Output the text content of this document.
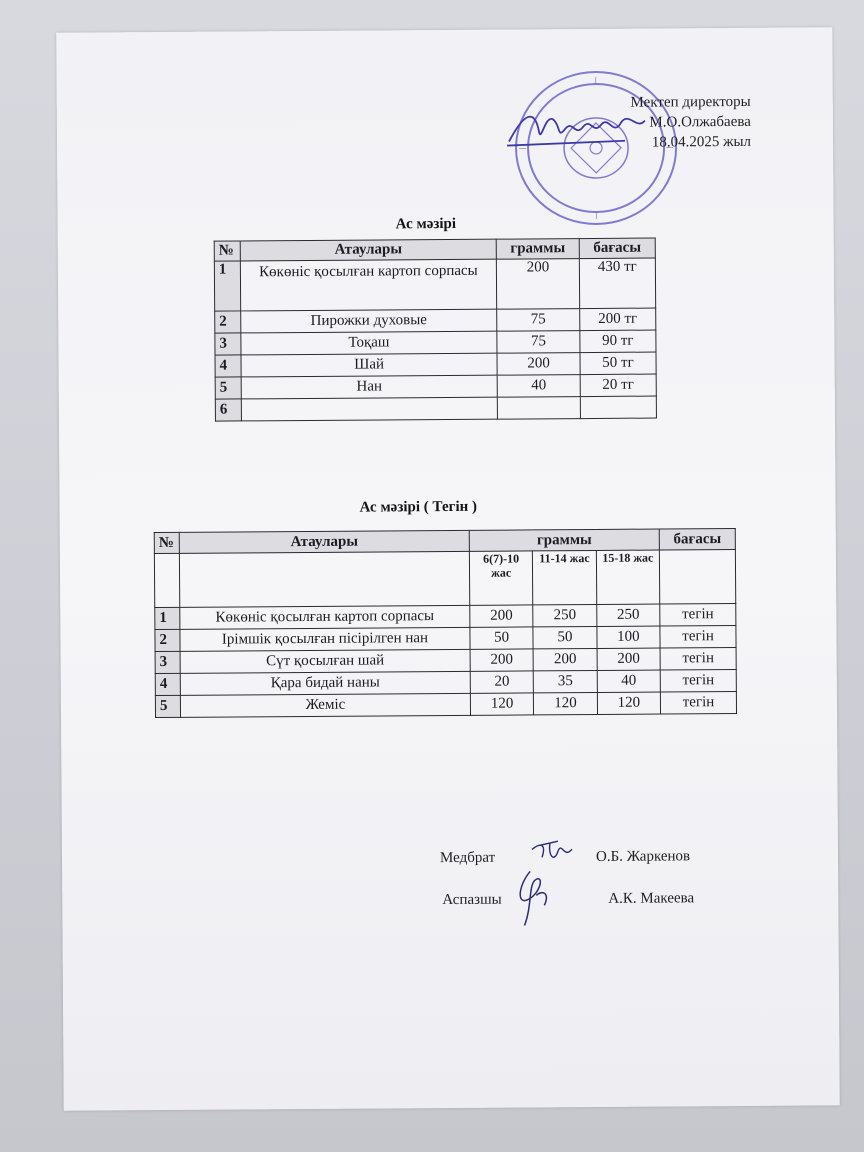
Мектеп директоры
М.О.Олжабаева
18.04.2025 жыл
Ас мәзірі
№	Атаулары	граммы	бағасы
1	Көкөніс қосылған картоп сорпасы	200	430 тг
2	Пирожки духовые	75	200 тг
3	Тоқаш	75	90 тг
4	Шай	200	50 тг
5	Нан	40	20 тг
6			
Ас мәзірі ( Тегін )
№	Атаулары	граммы			бағасы
		6(7)-10 жас	11-14 жас	15-18 жас	
1	Көкөніс қосылған картоп сорпасы	200	250	250	тегін
2	Ірімшік қосылған пісірілген нан	50	50	100	тегін
3	Сүт қосылған шай	200	200	200	тегін
4	Қара бидай наны	20	35	40	тегін
5	Жеміс	120	120	120	тегін
Медбрат	О.Б. Жаркенов
Аспазшы	А.К. Макеева
